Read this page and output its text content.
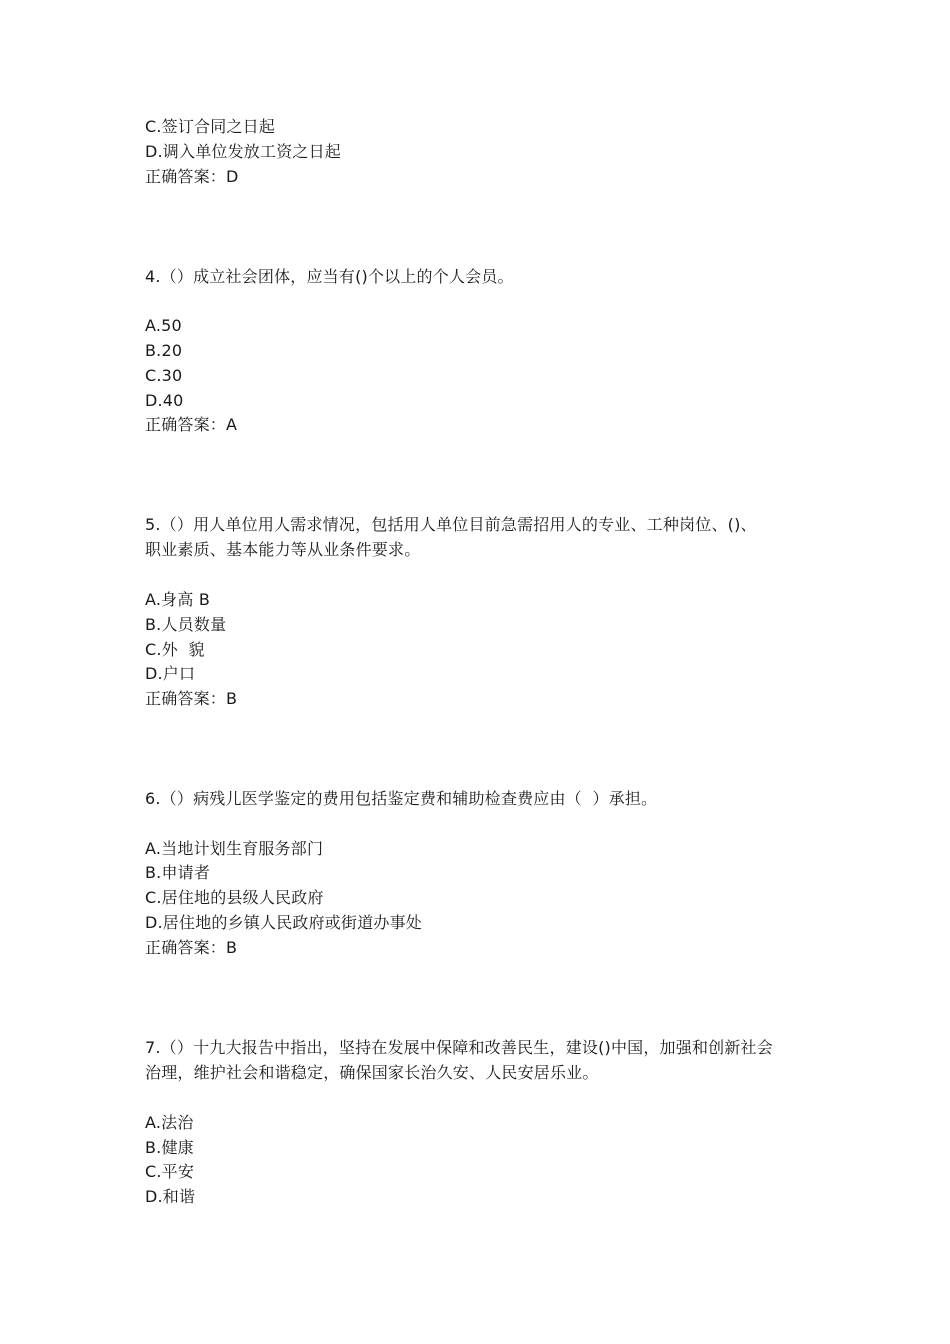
C.签订合同之日起
D.调入单位发放工资之日起
正确答案：D
4.（）成立社会团体，应当有()个以上的个人会员。
A.50
B.20
C.30
D.40
正确答案：A
5.（）用人单位用人需求情况，包括用人单位目前急需招用人的专业、工种岗位、()、
职业素质、基本能力等从业条件要求。
A.身高 B
B.人员数量
C.外  貌
D.户口
正确答案：B
6.（）病残儿医学鉴定的费用包括鉴定费和辅助检查费应由（  ）承担。
A.当地计划生育服务部门
B.申请者
C.居住地的县级人民政府
D.居住地的乡镇人民政府或街道办事处
正确答案：B
7.（）十九大报告中指出，坚持在发展中保障和改善民生，建设()中国，加强和创新社会
治理，维护社会和谐稳定，确保国家长治久安、人民安居乐业。
A.法治
B.健康
C.平安
D.和谐
